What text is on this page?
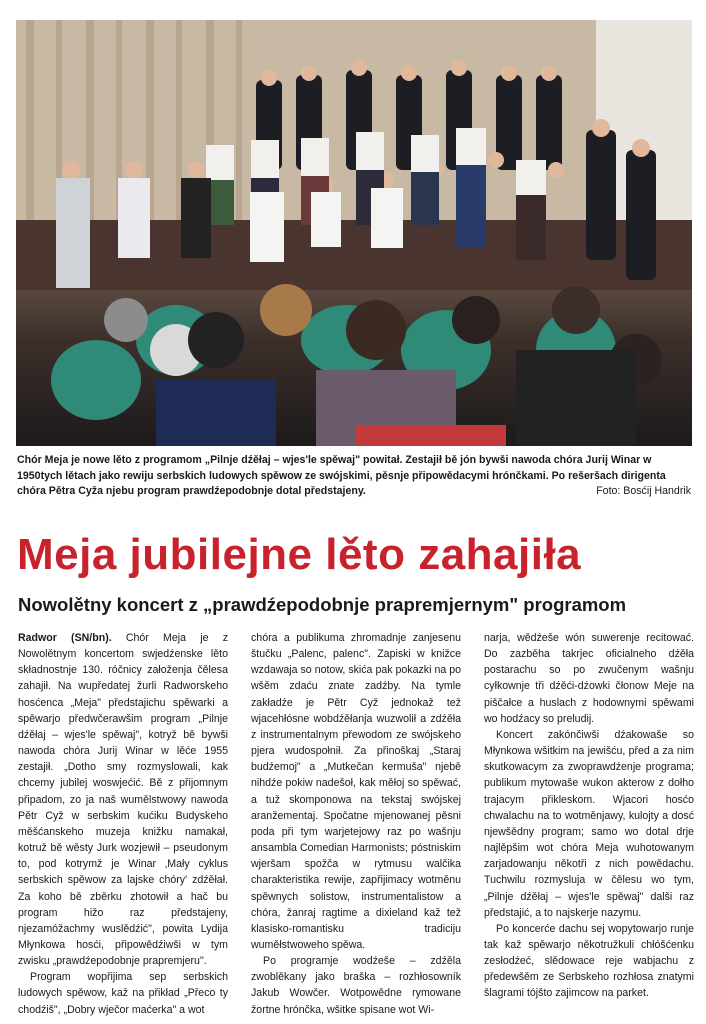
Chór Meja je nowe lěto z programom „Pilnje dźěłaj – wjes'le spěwaj" powitał. Zestajił bě jón bywši nawoda chóra Jurij Winar w 1950tych lětach jako rewiju serbskich ludowych spěwow ze swójskimi, pěsnje připowědacymi hrónčkami. Po rešeršach dirigenta chóra Pětra Cyža njebu program prawdźepodobnje dotal předstajeny.	Foto: Bosćij Handrik
Meja jubilejne lěto zahajiła
Nowolětny koncert z „prawdźepodobnje prapremjernym" programom

Radwor (SN/bn). Chór Meja je z Nowolětnym koncertom swjedźenske lěto składnostnje 130. róčnicy załoženja čělesa zahajił. Na wupředatej žurli Radworskeho hosćenca „Meja" předstajichu spěwarki a spěwarjo předwčerawšim program „Pilnje dźěłaj – wjes'le spěwaj", kotryž bě bywši nawoda chóra Jurij Winar w lěće 1955 zestajił. „Dotho smy rozmyslowali, kak chcemy jubilej woswjećić. Bě z přijomnym připadom, zo ja naš wumělstwowy nawoda Pětr Cyž w serbskim kućiku Budyskeho měšćanskeho muzeja knižku namakał, kotruž bě wěsty Jurk wozjewił – pseudonym to, pod kotrymž je Winar ‚Mały cyklus serbskich spěwow za lajske chóry' zdźěłał. Za koho bě zběrku zhotowił a hač bu program hižo raz předstajeny, njezamóžachmy wuslědźić", powita Lydija Młynkowa hosći, připowědźiwši w tym zwisku „prawdźepodobnje prapremjeru".

Program wopřijima sep serbskich ludowych spěwow, kaž na přikład „Přeco ty chodźiš", „Dobry wječor maćerka" a wot

chóra a publikuma zhromadnje zanjesenu štučku „Palenc, palenc". Zapiski w knižce wzdawaja so notow, skića pak pokazki na po wšěm zdaću znate zadźby. Na tymle zakładźe je Pětr Cyž jednokaž tež wjacehłósne wobdźěłanja wuzwolił a zdźěła z instrumentalnym přewodom ze swójskeho pjera wudospołnił. Za přinoškaj „Staraj budźemoj" a „Mutkečan kermuša" njebě nihdźe pokiw nadešoł, kak měłoj so spěwać, a tuž skomponowa na tekstaj swójskej aranžementaj. Spočatne mjenowanej pěsni poda při tym warjetejowy raz po wašnju ansambla Comedian Harmonists; póstniskim wjeršam spožča w rytmusu walčika charakteristika rewije, zapřijimacy wotměnu spěwnych solistow, instrumentalistow a chóra, žanraj ragtime a dixieland kaž tež klasisko-romantisku tradiciju wuměłstwoweho spěwa.

Po programje wodźeše – zdźěla zwoblěkany jako braška – rozhłosowník Jakub Wowčer. Wotpowědne rymowane žortne hrónčka, wšitke spisane wot Wi-

narja, wědźeše wón suwerenje recitować. Do zazběha takrjec oficialneho dźěła postarachu so po zwučenym wašnju cyłkownje tři dźěći-dźowki čłonow Meje na piščałce a huslach z hodownymi spěwami wo hodźacy so preludij.

Koncert zakónčiwši dźakowaše so Młynkowa wšitkim na jewišću, před a za nim skutkowacym za zwoprawdźenje programa; publikum mytowaše wukon akterow z dołho trajacym přikleskom. Wjacori hosćo chwalachu na to wotměnjawy, kulojty a dosć njewšědny program; samo wo dotal drje najlěpšim wot chóra Meja wuhotowanym zarjadowanju někotři z nich powědachu. Tuchwilu rozmysluja w čělesu wo tym, „Pilnje dźěłaj – wjes'le spěwaj" dalši raz předstajić, a to najskerje nazymu.

Po koncerće dachu sej wopytowarjo runje tak kaž spěwarjo někotružkuli chłóšćenku zesłodźeć, slědowace reje wabjachu z předewšěm ze Serbskeho rozhłosa znatymi šlagrami tójšto zajimcow na parket.
